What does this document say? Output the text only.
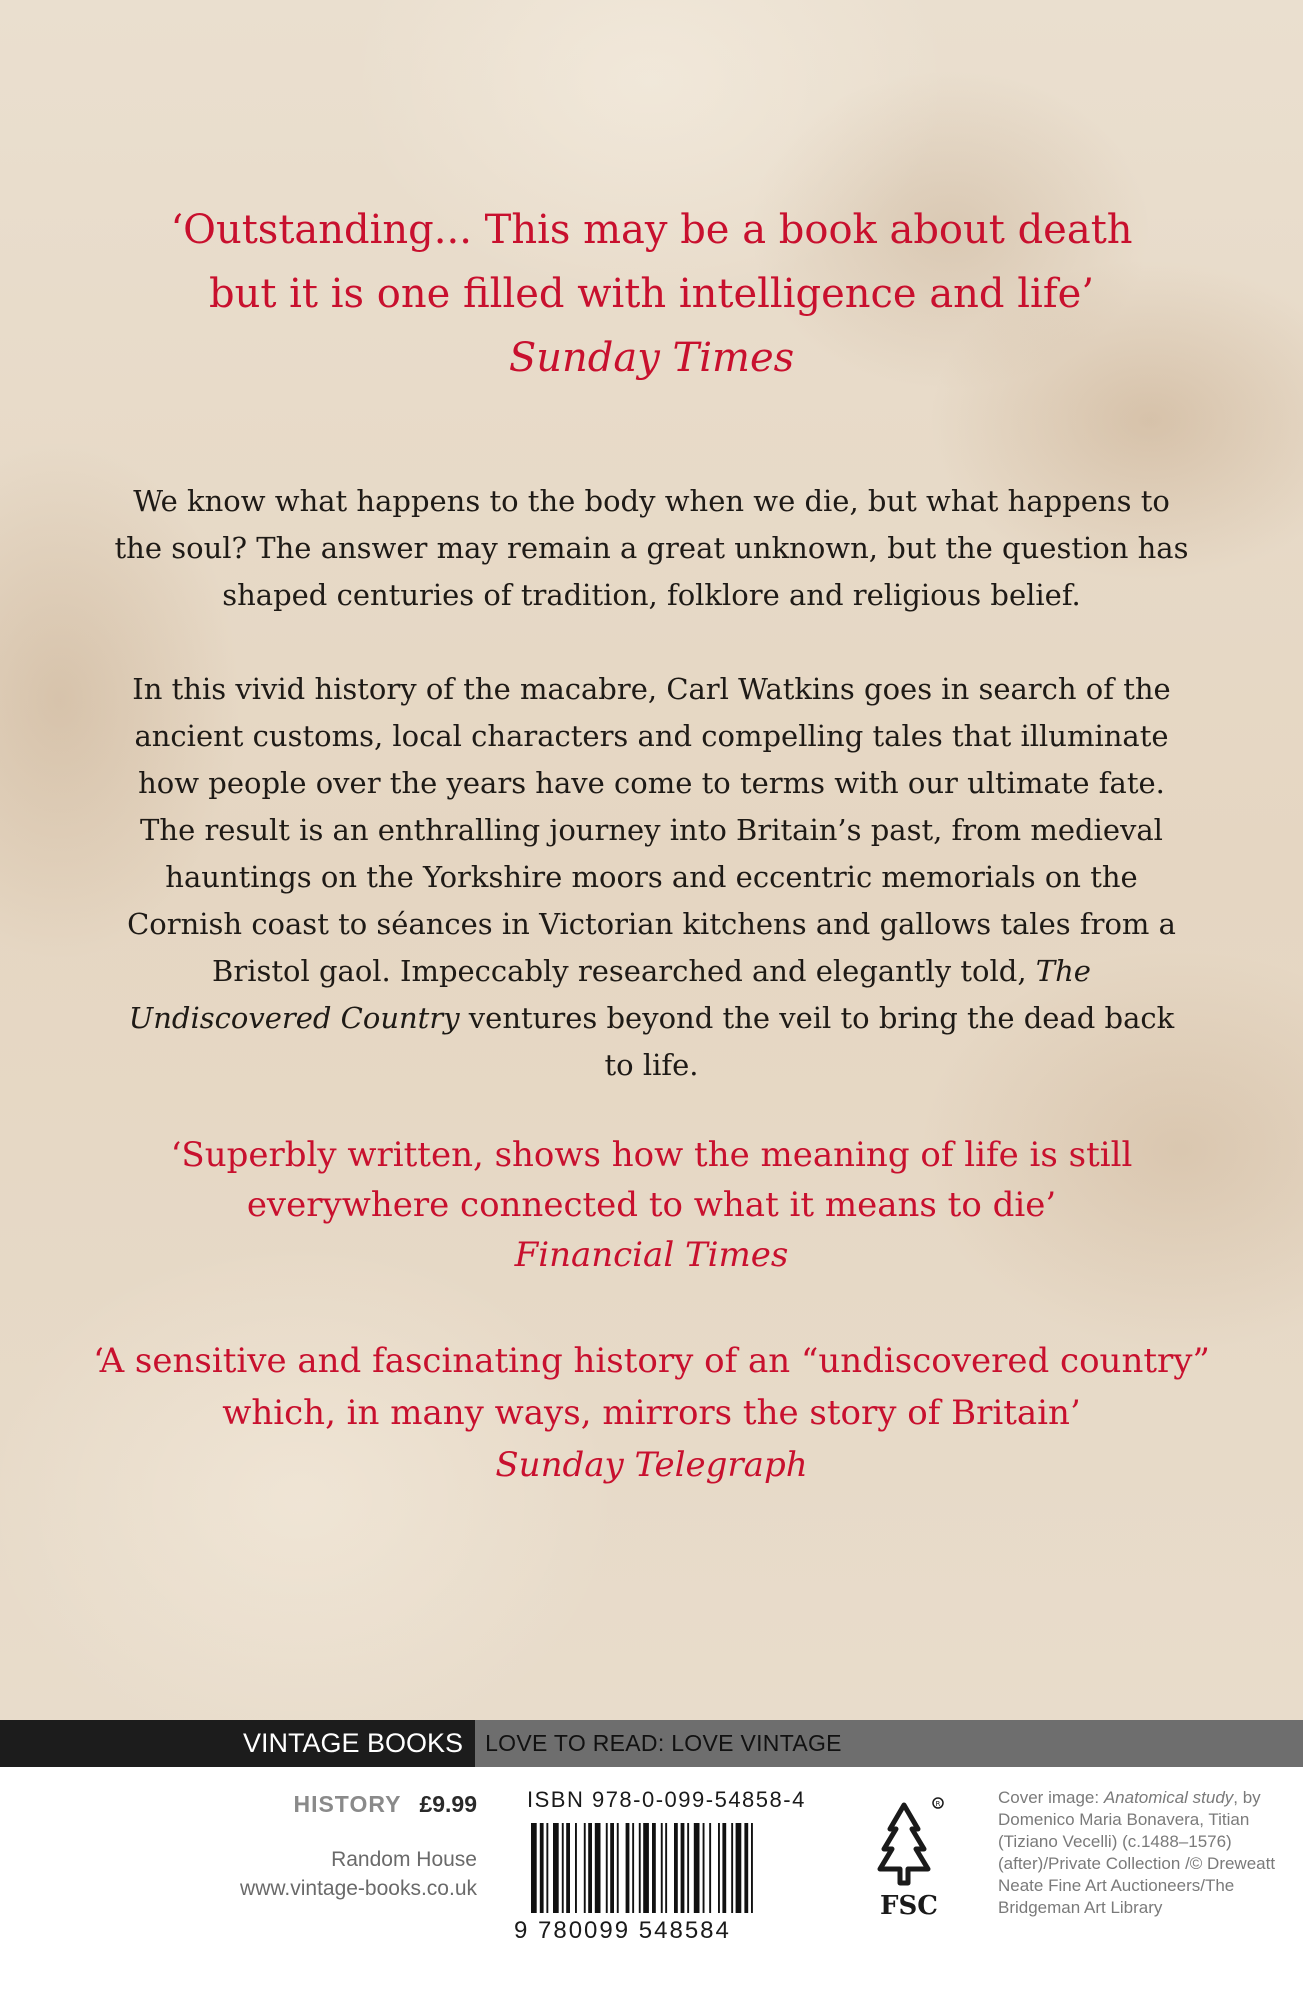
‘Outstanding... This may be a book about death

but it is one filled with intelligence and life’

Sunday Times

We know what happens to the body when we die, but what happens to the soul? The answer may remain a great unknown, but the question has shaped centuries of tradition, folklore and religious belief.

In this vivid history of the macabre, Carl Watkins goes in search of the ancient customs, local characters and compelling tales that illuminate how people over the years have come to terms with our ultimate fate. The result is an enthralling journey into Britain’s past, from medieval hauntings on the Yorkshire moors and eccentric memorials on the Cornish coast to séances in Victorian kitchens and gallows tales from a Bristol gaol. Impeccably researched and elegantly told, The Undiscovered Country ventures beyond the veil to bring the dead back to life.

‘Superbly written, shows how the meaning of life is still

everywhere connected to what it means to die’

Financial Times

‘A sensitive and fascinating history of an “undiscovered country”

which, in many ways, mirrors the story of Britain’

Sunday Telegraph

VINTAGE BOOKS LOVE TO READ: LOVE VINTAGE
HISTORY £9.99
Random House
www.vintage-books.co.uk
ISBN 978-0-099-54858-4
9 780099 548584
R
FSC
Cover image: Anatomical study, by Domenico Maria Bonavera, Titian (Tiziano Vecelli) (c.1488–1576) (after)/Private Collection /© Dreweatt Neate Fine Art Auctioneers/The Bridgeman Art Library
